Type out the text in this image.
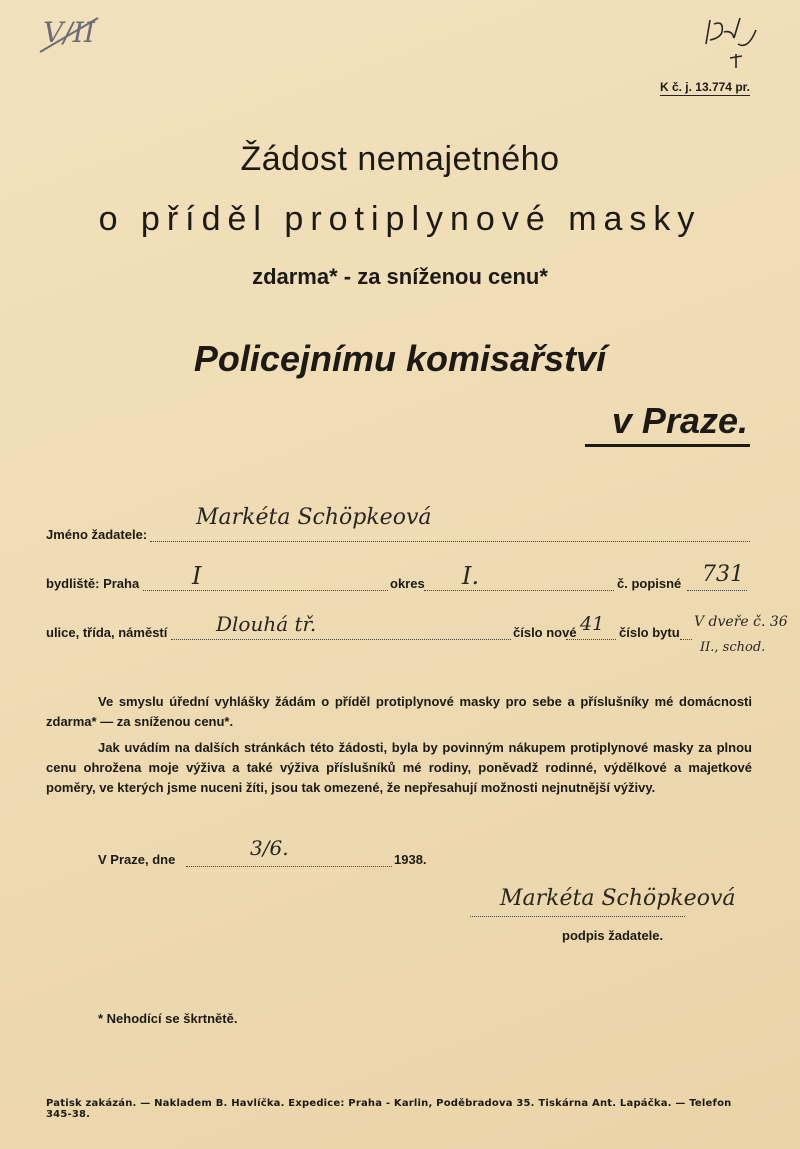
V/II
K č. j. 13.774 pr.
Žádost nemajetného
o příděl protiplynové masky
zdarma* - za sníženou cenu*
Policejnímu komisařství
v Praze.
Jméno žadatele:
Markéta Schöpkeová
bydliště: Praha I	okres I.	č. popisné 731
ulice, třída, náměstí Dlouhá tř.	číslo nové 41 číslo bytu
V dveře č. 36
II., schod.
Ve smyslu úřední vyhlášky žádám o příděl protiplynové masky pro sebe a příslušníky mé domácnosti zdarma* — za sníženou cenu*.
Jak uvádím na dalších stránkách této žádosti, byla by povinným nákupem protiplynové masky za plnou cenu ohrožena moje výživa a také výživa příslušníků mé rodiny, poněvadž rodinné, výdělkové a majetkové poměry, ve kterých jsme nuceni žíti, jsou tak omezené, že nepřesahují možnosti nejnutnější výživy.
V Praze, dne	3/6.	1938.
Markéta Schöpkeová
podpis žadatele.
* Nehodící se škrtnětě.
Patisk zakázán. — Nakladem B. Havlíčka. Expedice: Praha - Karlin, Poděbradova 35. Tiskárna Ant. Lapáčka. — Telefon 345-38.
